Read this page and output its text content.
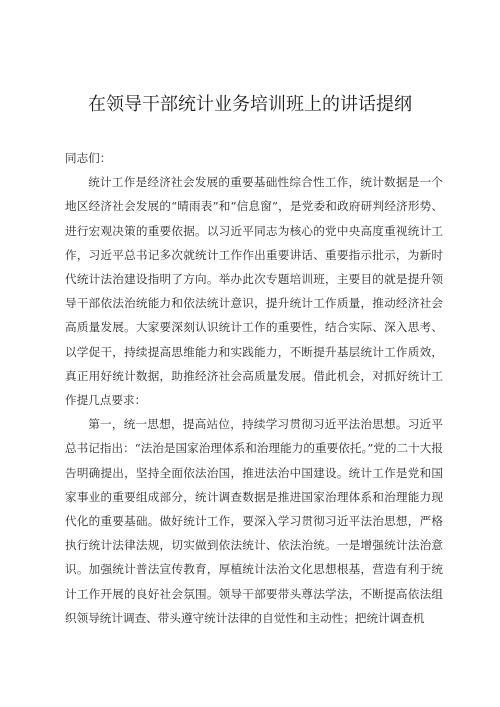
在领导干部统计业务培训班上的讲话提纲

同志们：

统计工作是经济社会发展的重要基础性综合性工作，统计数据是一个地区经济社会发展的“晴雨表”和“信息窗”，是党委和政府研判经济形势、进行宏观决策的重要依据。以习近平同志为核心的党中央高度重视统计工作，习近平总书记多次就统计工作作出重要讲话、重要指示批示，为新时代统计法治建设指明了方向。举办此次专题培训班，主要目的就是提升领导干部依法治统能力和依法统计意识，提升统计工作质量，推动经济社会高质量发展。大家要深刻认识统计工作的重要性，结合实际、深入思考、以学促干，持续提高思维能力和实践能力，不断提升基层统计工作质效，真正用好统计数据，助推经济社会高质量发展。借此机会，对抓好统计工作提几点要求：

第一，统一思想，提高站位，持续学习贯彻习近平法治思想。习近平总书记指出：“法治是国家治理体系和治理能力的重要依托。”党的二十大报告明确提出，坚持全面依法治国，推进法治中国建设。统计工作是党和国家事业的重要组成部分，统计调查数据是推进国家治理体系和治理能力现代化的重要基础。做好统计工作，要深入学习贯彻习近平法治思想，严格执行统计法律法规，切实做到依法统计、依法治统。一是增强统计法治意识。加强统计普法宣传教育，厚植统计法治文化思想根基，营造有利于统计工作开展的良好社会氛围。领导干部要带头尊法学法，不断提高依法组织领导统计调查、带头遵守统计法律的自觉性和主动性；把统计调查机
